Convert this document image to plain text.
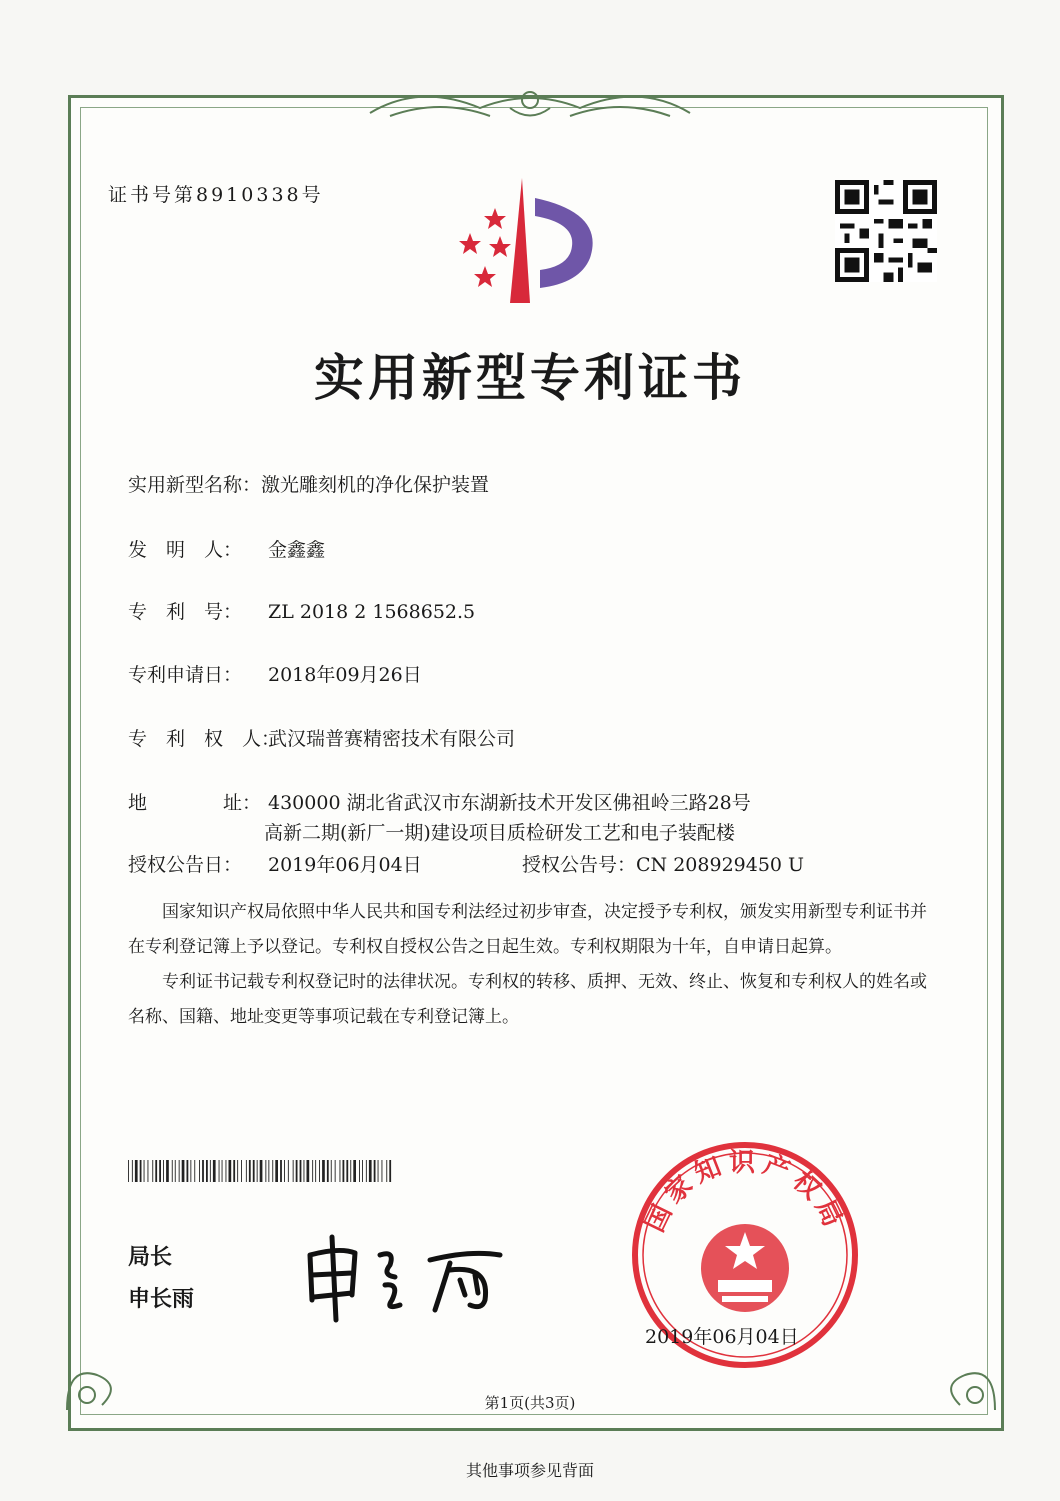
证书号第8910338号
实用新型专利证书
实用新型名称：激光雕刻机的净化保护装置
发　明　人： 金鑫鑫
专　利　号： ZL 2018 2 1568652.5
专利申请日： 2018年09月26日
专　利　权　人：武汉瑞普赛精密技术有限公司
地　　　　址： 430000 湖北省武汉市东湖新技术开发区佛祖岭三路28号
高新二期(新厂一期)建设项目质检研发工艺和电子装配楼
授权公告日： 2019年06月04日	授权公告号：CN 208929450 U

国家知识产权局依照中华人民共和国专利法经过初步审查，决定授予专利权，颁发实用新型专利证书并在专利登记簿上予以登记。专利权自授权公告之日起生效。专利权期限为十年，自申请日起算。

专利证书记载专利权登记时的法律状况。专利权的转移、质押、无效、终止、恢复和专利权人的姓名或名称、国籍、地址变更等事项记载在专利登记簿上。

局长
申长雨
国家知识产权局
2019年06月04日
第1页(共3页)
其他事项参见背面
